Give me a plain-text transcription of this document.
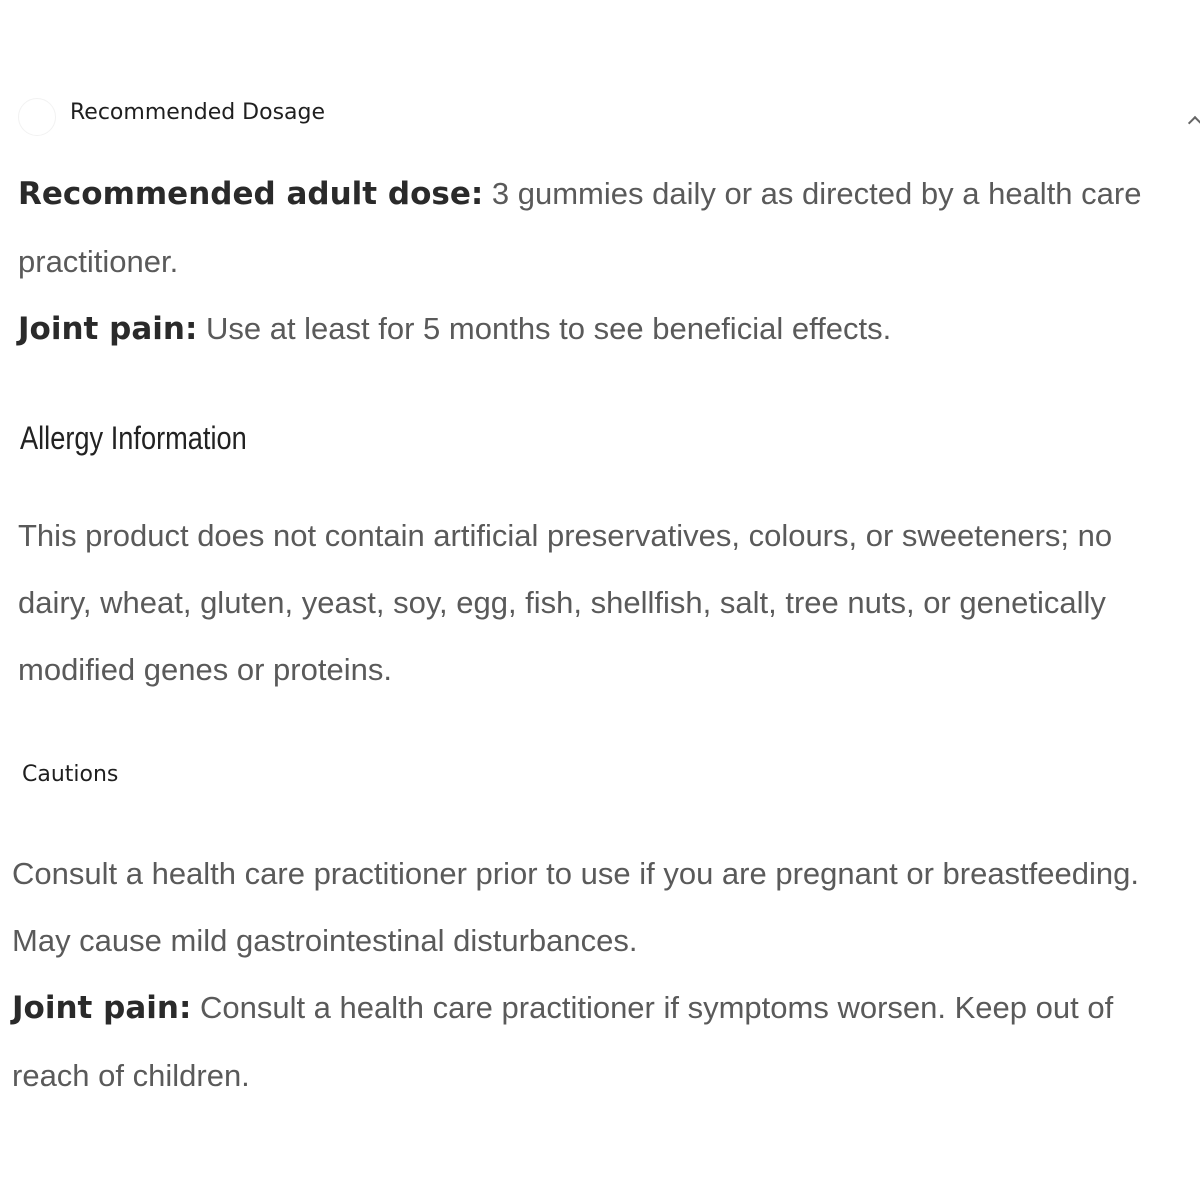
Recommended Dosage

Recommended adult dose: 3 gummies daily or as directed by a health care practitioner.
Joint pain: Use at least for 5 months to see beneficial effects.

Allergy Information

This product does not contain artificial preservatives, colours, or sweeteners; no dairy, wheat, gluten, yeast, soy, egg, fish, shellfish, salt, tree nuts, or genetically modified genes or proteins.

Cautions

Consult a health care practitioner prior to use if you are pregnant or breastfeeding. May cause mild gastrointestinal disturbances.
Joint pain: Consult a health care practitioner if symptoms worsen. Keep out of reach of children.
